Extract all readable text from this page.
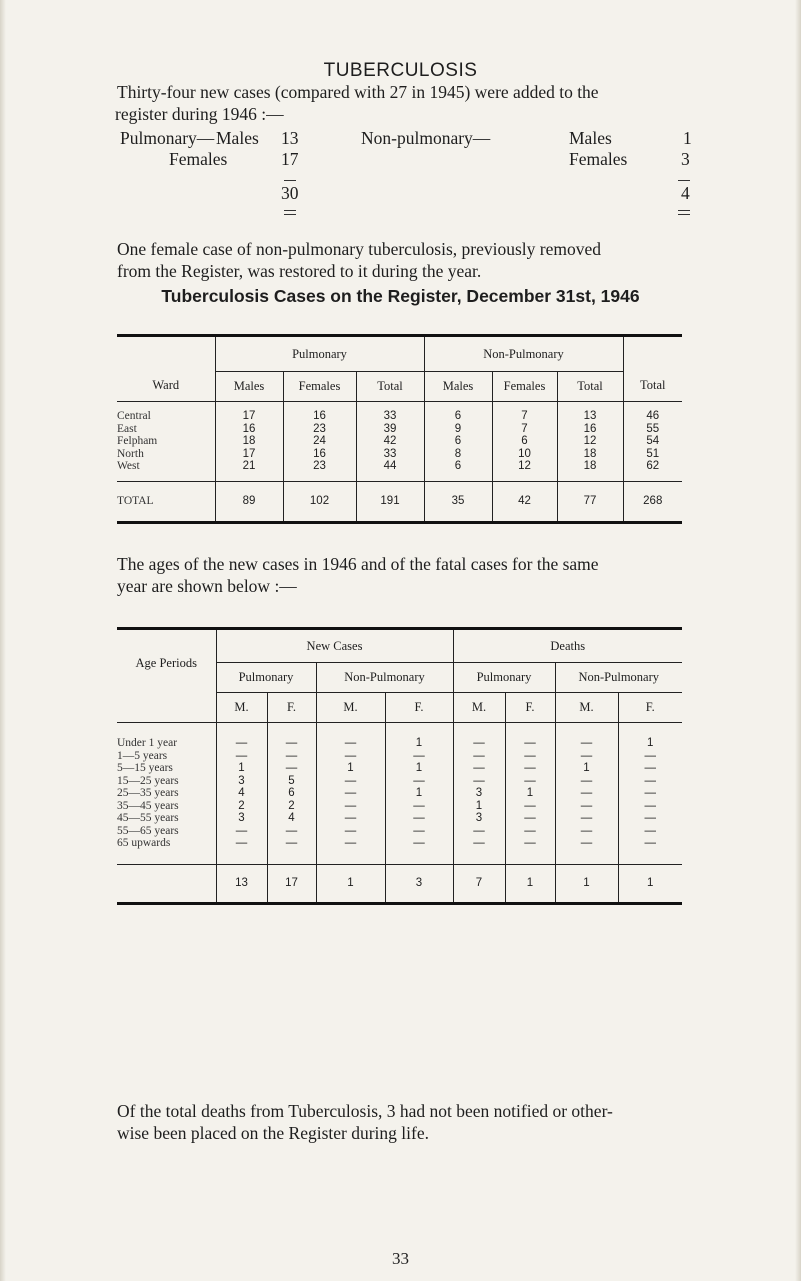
TUBERCULOSIS
Thirty-four new cases (compared with 27 in 1945) were added to the
register during 1946 :—
Pulmonary— Males 13
Females	17
30
Non-pulmonary—	Males	1
Females	3
4
One female case of non-pulmonary tuberculosis, previously removed
from the Register, was restored to it during the year.
Tuberculosis Cases on the Register, December 31st, 1946
Ward	Pulmonary			Non-Pulmonary			Total
	Males	Females	Total	Males	Females	Total	

Central	17	16	33	6	7	13	46
East	16	23	39	9	7	16	55
Felpham	18	24	42	6	6	12	54
North	17	16	33	8	10	18	51
West	21	23	44	6	12	18	62

TOTAL	89	102	191	35	42	77	268
The ages of the new cases in 1946 and of the fatal cases for the same
year are shown below :—
Age Periods	New Cases				Deaths			
	Pulmonary		Non-Pulmonary		Pulmonary		Non-Pulmonary	
	M.	F.	M.	F.	M.	F.	M.	F.

Under 1 year	—	—	—	1	—	—	—	1
1—5 years	—	—	—	—	—	—	—	—
5—15 years	1	—	1	1	—	—	1	—
15—25 years	3	5	—	—	—	—	—	—
25—35 years	4	6	—	1	3	1	—	—
35—45 years	2	2	—	—	1	—	—	—
45—55 years	3	4	—	—	3	—	—	—
55—65 years	—	—	—	—	—	—	—	—
65 upwards	—	—	—	—	—	—	—	—

	13	17	1	3	7	1	1	1
Of the total deaths from Tuberculosis, 3 had not been notified or other-
wise been placed on the Register during life.
33
